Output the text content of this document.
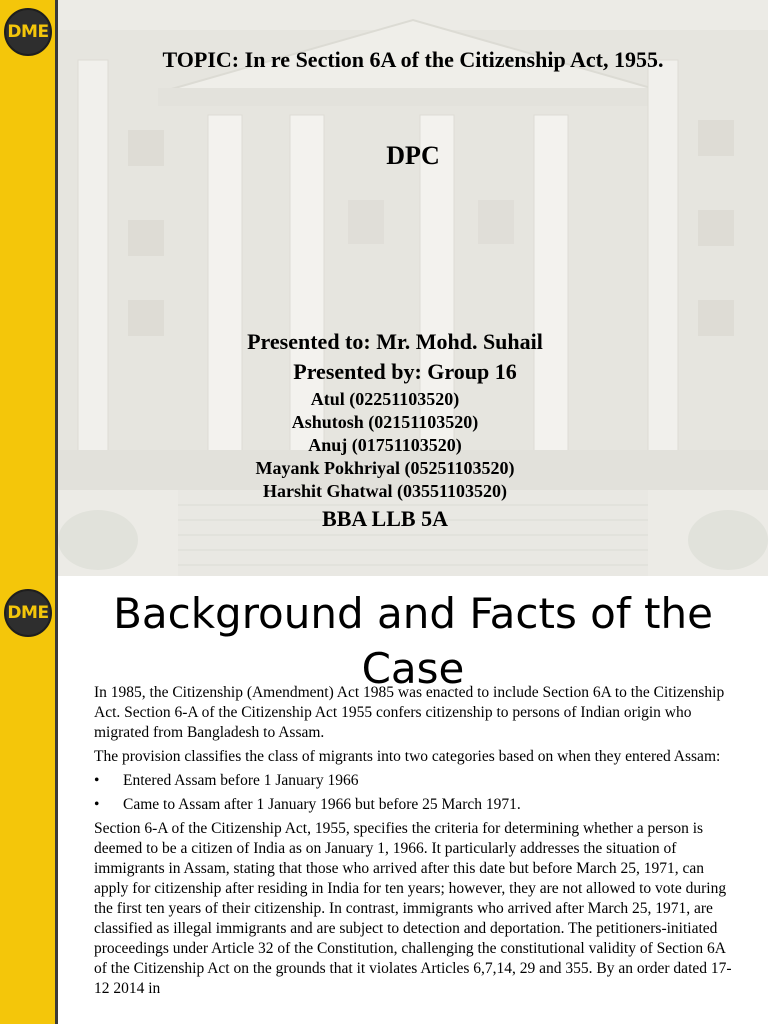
DME
TOPIC: In re Section 6A of the Citizenship Act, 1955.
DPC
Presented to: Mr. Mohd. Suhail
Presented by: Group 16
Atul (02251103520)
Ashutosh (02151103520)
Anuj (01751103520)
Mayank Pokhriyal (05251103520)
Harshit Ghatwal (03551103520)
BBA LLB 5A
DME	Background and Facts of the Case

In 1985, the Citizenship (Amendment) Act 1985 was enacted to include Section 6A to the Citizenship Act. Section 6-A of the Citizenship Act 1955 confers citizenship to persons of Indian origin who migrated from Bangladesh to Assam.

The provision classifies the class of migrants into two categories based on when they entered Assam:

• Entered Assam before 1 January 1966
• Came to Assam after 1 January 1966 but before 25 March 1971.

Section 6-A of the Citizenship Act, 1955, specifies the criteria for determining whether a person is deemed to be a citizen of India as on January 1, 1966. It particularly addresses the situation of immigrants in Assam, stating that those who arrived after this date but before March 25, 1971, can apply for citizenship after residing in India for ten years; however, they are not allowed to vote during the first ten years of their citizenship. In contrast, immigrants who arrived after March 25, 1971, are classified as illegal immigrants and are subject to detection and deportation. The petitioners-initiated proceedings under Article 32 of the Constitution, challenging the constitutional validity of Section 6A of the Citizenship Act on the grounds that it violates Articles 6,7,14, 29 and 355. By an order dated 17-12 2014 in
